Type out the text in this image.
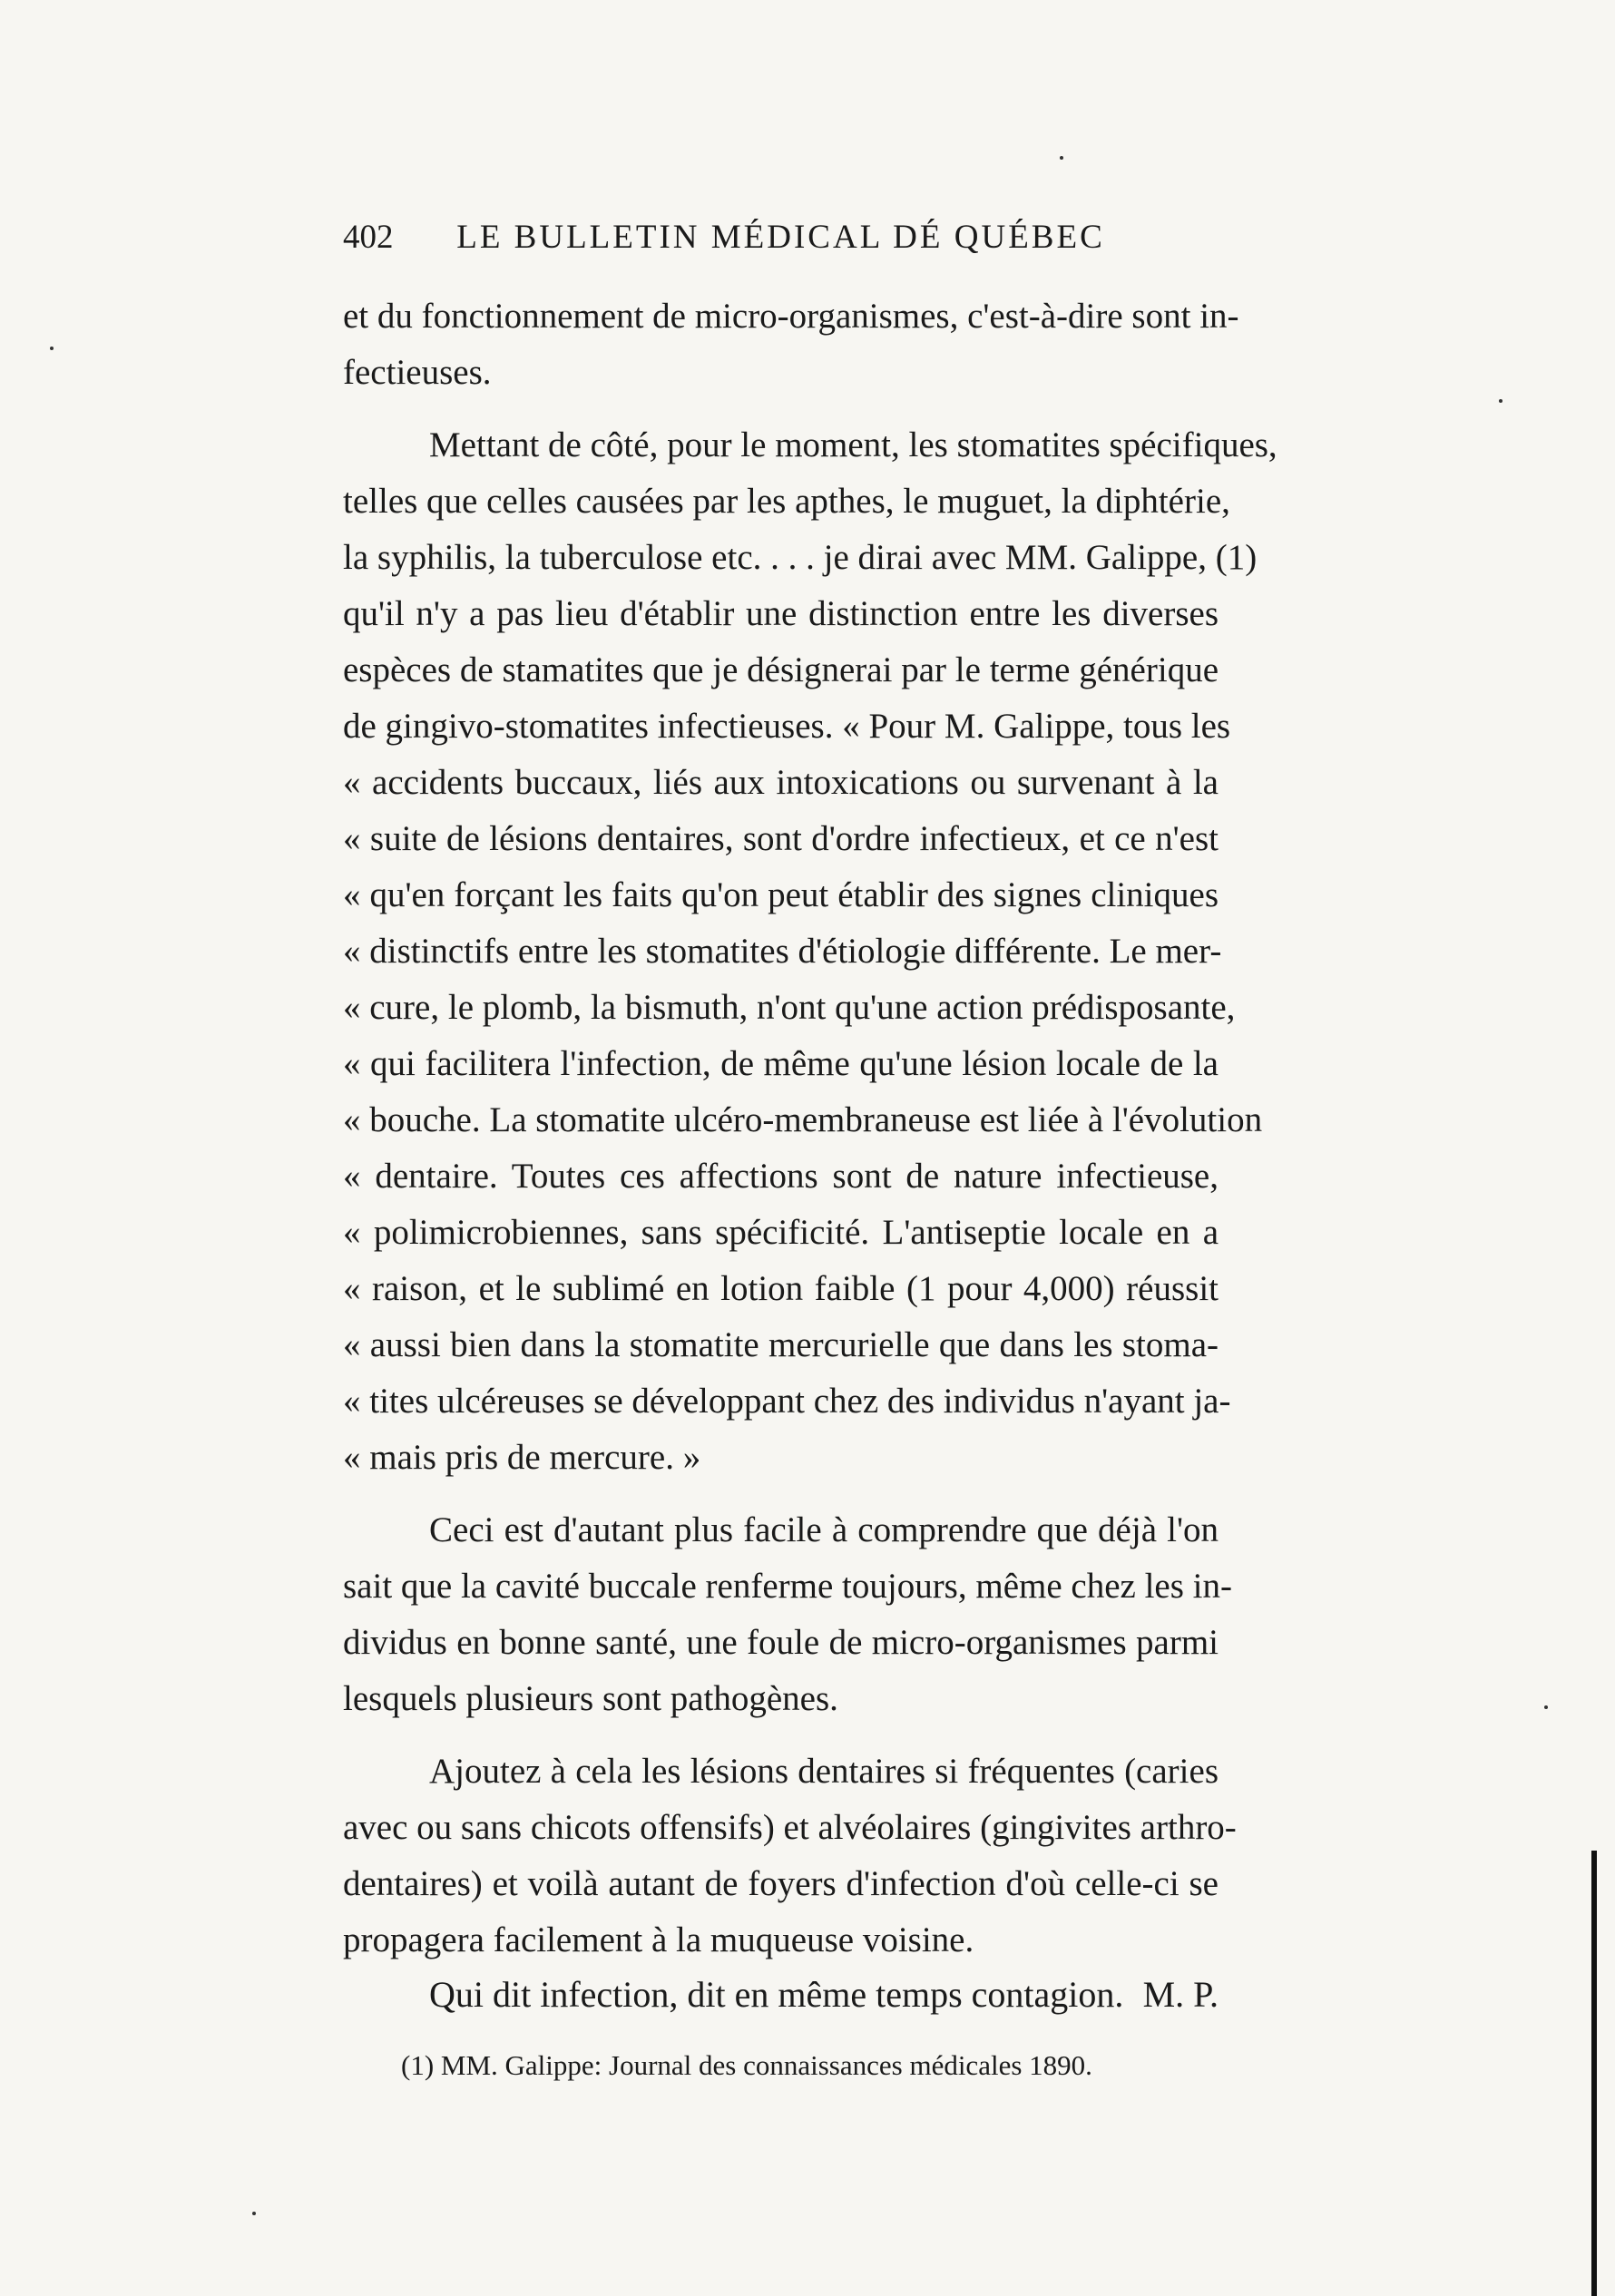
402	LE BULLETIN MÉDICAL DÉ QUÉBEC
et du fonctionnement de micro-organismes, c'est-à-dire sont in-
fectieuses.
Mettant de côté, pour le moment, les stomatites spécifiques,
telles que celles causées par les apthes, le muguet, la diphtérie,
la syphilis, la tuberculose etc. . . . je dirai avec MM. Galippe, (1)
qu'il n'y a pas lieu d'établir une distinction entre les diverses
espèces de stamatites que je désignerai par le terme générique
de gingivo-stomatites infectieuses. « Pour M. Galippe, tous les
« accidents buccaux, liés aux intoxications ou survenant à la
« suite de lésions dentaires, sont d'ordre infectieux, et ce n'est
« qu'en forçant les faits qu'on peut établir des signes cliniques
« distinctifs entre les stomatites d'étiologie différente. Le mer-
« cure, le plomb, la bismuth, n'ont qu'une action prédisposante,
« qui facilitera l'infection, de même qu'une lésion locale de la
« bouche. La stomatite ulcéro-membraneuse est liée à l'évolution
« dentaire. Toutes ces affections sont de nature infectieuse,
« polimicrobiennes, sans spécificité. L'antiseptie locale en a
« raison, et le sublimé en lotion faible (1 pour 4,000) réussit
« aussi bien dans la stomatite mercurielle que dans les stoma-
« tites ulcéreuses se développant chez des individus n'ayant ja-
« mais pris de mercure. »
Ceci est d'autant plus facile à comprendre que déjà l'on
sait que la cavité buccale renferme toujours, même chez les in-
dividus en bonne santé, une foule de micro-organismes parmi
lesquels plusieurs sont pathogènes.
Ajoutez à cela les lésions dentaires si fréquentes (caries
avec ou sans chicots offensifs) et alvéolaires (gingivites arthro-
dentaires) et voilà autant de foyers d'infection d'où celle-ci se
propagera facilement à la muqueuse voisine.
Qui dit infection, dit en même temps contagion. M. P.
(1) MM. Galippe: Journal des connaissances médicales 1890.
